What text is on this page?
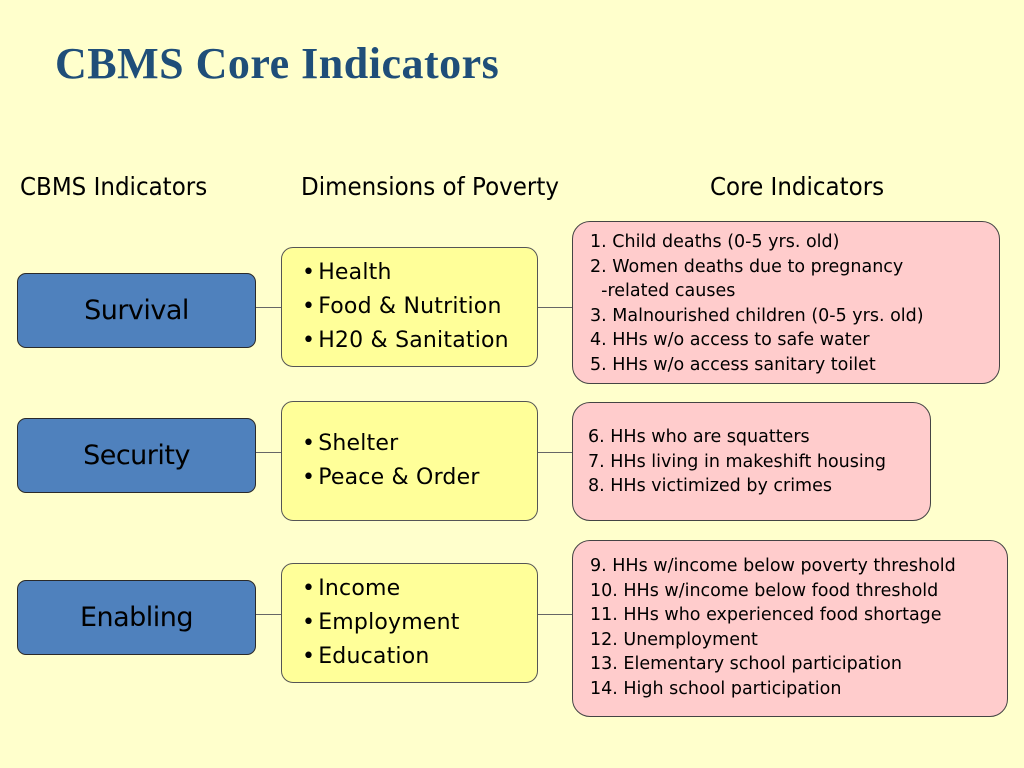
CBMS Core Indicators
CBMS Indicators	Dimensions of Poverty	Core Indicators
Survival
• Health
• Food & Nutrition
• H20 & Sanitation
1. Child deaths (0-5 yrs. old)
2. Women deaths due to pregnancy
-related causes
3. Malnourished children (0-5 yrs. old)
4. HHs w/o access to safe water
5. HHs w/o access sanitary toilet
Security
•	Shelter
• Peace & Order
6. HHs who are squatters
7. HHs living in makeshift housing
8. HHs victimized by crimes
Enabling
• Income
• Employment
• Education
9. HHs w/income below poverty threshold
10. HHs w/income below food threshold
11. HHs who experienced food shortage
12. Unemployment
13. Elementary school participation
14. High school participation
